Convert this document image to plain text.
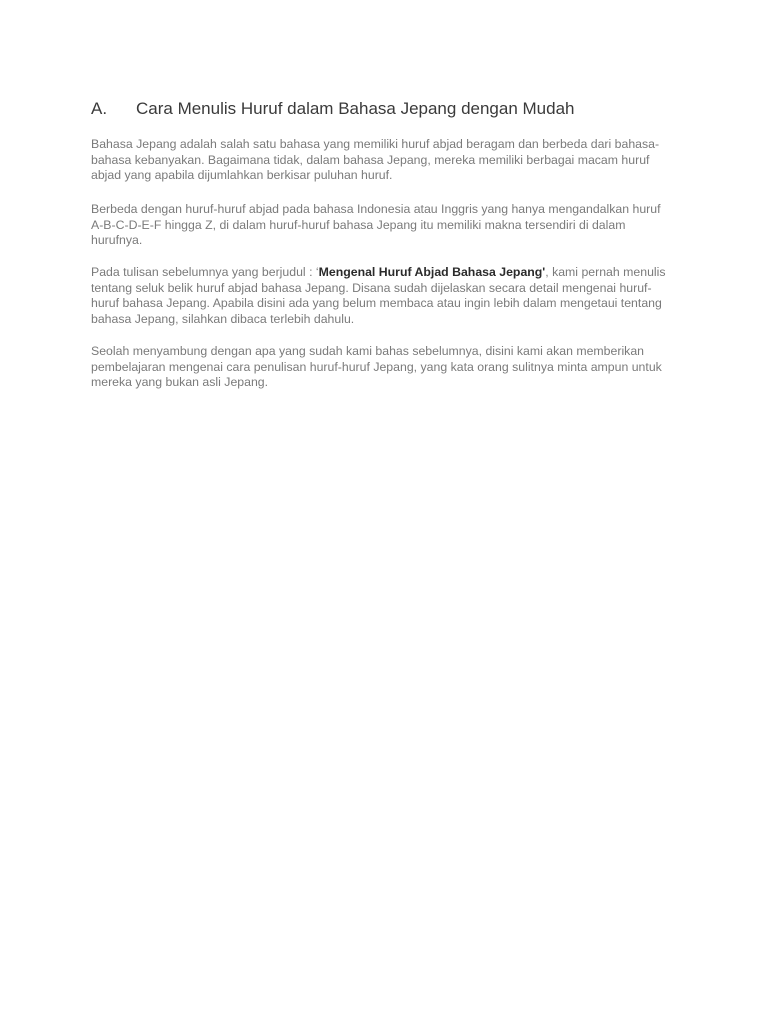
A. Cara Menulis Huruf dalam Bahasa Jepang dengan Mudah

Bahasa Jepang adalah salah satu bahasa yang memiliki huruf abjad beragam dan berbeda dari bahasa-
bahasa kebanyakan. Bagaimana tidak, dalam bahasa Jepang, mereka memiliki berbagai macam huruf
abjad yang apabila dijumlahkan berkisar puluhan huruf.

Berbeda dengan huruf-huruf abjad pada bahasa Indonesia atau Inggris yang hanya mengandalkan huruf
A-B-C-D-E-F hingga Z, di dalam huruf-huruf bahasa Jepang itu memiliki makna tersendiri di dalam
hurufnya.

Pada tulisan sebelumnya yang berjudul : ‘Mengenal Huruf Abjad Bahasa Jepang', kami pernah menulis
tentang seluk belik huruf abjad bahasa Jepang. Disana sudah dijelaskan secara detail mengenai huruf-
huruf bahasa Jepang. Apabila disini ada yang belum membaca atau ingin lebih dalam mengetaui tentang
bahasa Jepang, silahkan dibaca terlebih dahulu.

Seolah menyambung dengan apa yang sudah kami bahas sebelumnya, disini kami akan memberikan
pembelajaran mengenai cara penulisan huruf-huruf Jepang, yang kata orang sulitnya minta ampun untuk
mereka yang bukan asli Jepang.
